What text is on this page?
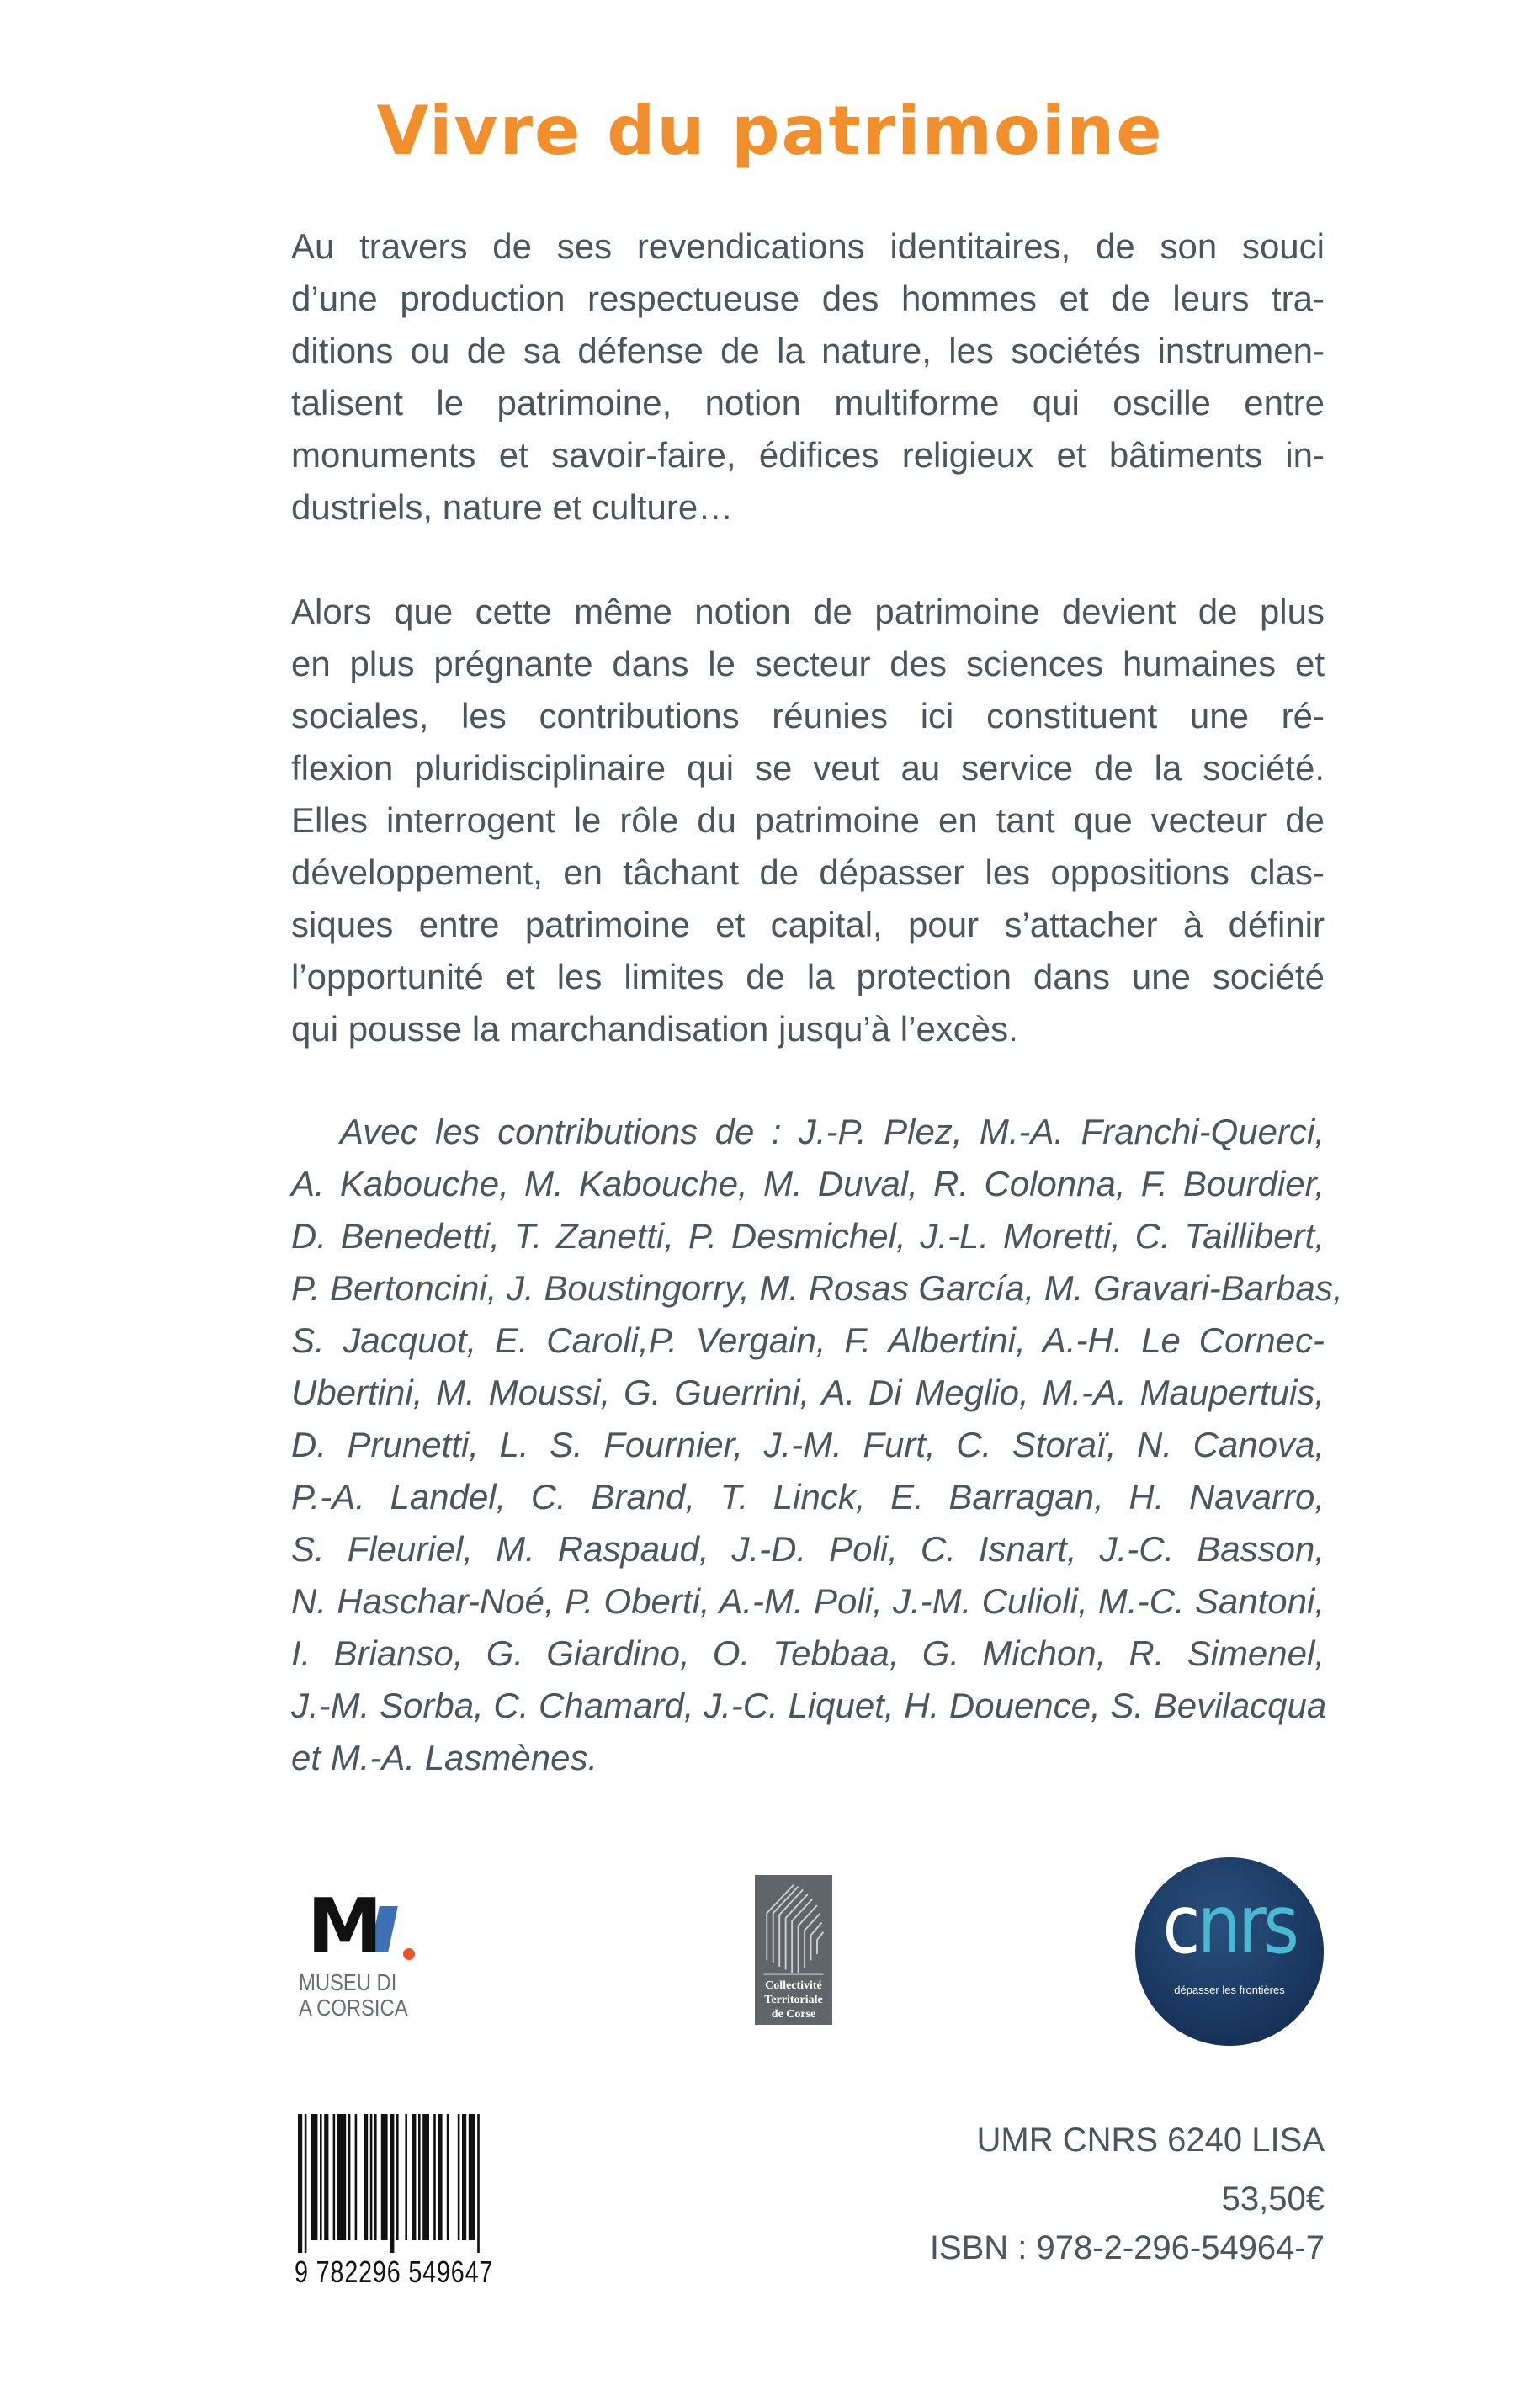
Vivre du patrimoine
Au travers de ses revendications identitaires, de son souci
d’une production respectueuse des hommes et de leurs tra-
ditions ou de sa défense de la nature, les sociétés instrumen-
talisent le patrimoine, notion multiforme qui oscille entre
monuments et savoir-faire, édifices religieux et bâtiments in-
dustriels, nature et culture…
Alors que cette même notion de patrimoine devient de plus
en plus prégnante dans le secteur des sciences humaines et
sociales, les contributions réunies ici constituent une ré-
flexion pluridisciplinaire qui se veut au service de la société.
Elles interrogent le rôle du patrimoine en tant que vecteur de
développement, en tâchant de dépasser les oppositions clas-
siques entre patrimoine et capital, pour s’attacher à définir
l’opportunité et les limites de la protection dans une société
qui pousse la marchandisation jusqu’à l’excès.
Avec les contributions de : J.-P. Plez, M.-A. Franchi-Querci,
A. Kabouche, M. Kabouche, M. Duval, R. Colonna, F. Bourdier,
D. Benedetti, T. Zanetti, P. Desmichel, J.-L. Moretti, C. Taillibert,
P. Bertoncini, J. Boustingorry, M. Rosas García, M. Gravari-Barbas,
S. Jacquot, E. Caroli,P. Vergain, F. Albertini, A.-H. Le Cornec-
Ubertini, M. Moussi, G. Guerrini, A. Di Meglio, M.-A. Maupertuis,
D. Prunetti, L. S. Fournier, J.-M. Furt, C. Storaï, N. Canova,
P.-A. Landel, C. Brand, T. Linck, E. Barragan, H. Navarro,
S. Fleuriel, M. Raspaud, J.-D. Poli, C. Isnart, J.-C. Basson,
N. Haschar-Noé, P. Oberti, A.-M. Poli, J.-M. Culioli, M.-C. Santoni,
I. Brianso, G. Giardino, O. Tebbaa, G. Michon, R. Simenel,
J.-M. Sorba, C. Chamard, J.-C. Liquet, H. Douence, S. Bevilacqua
et M.-A. Lasmènes.
M
MUSEU DI
A CORSICA
Collectivité
Territoriale
de Corse
cnrs
dépasser les frontières
9 782296 549647
UMR CNRS 6240 LISA
53,50€
ISBN : 978-2-296-54964-7
